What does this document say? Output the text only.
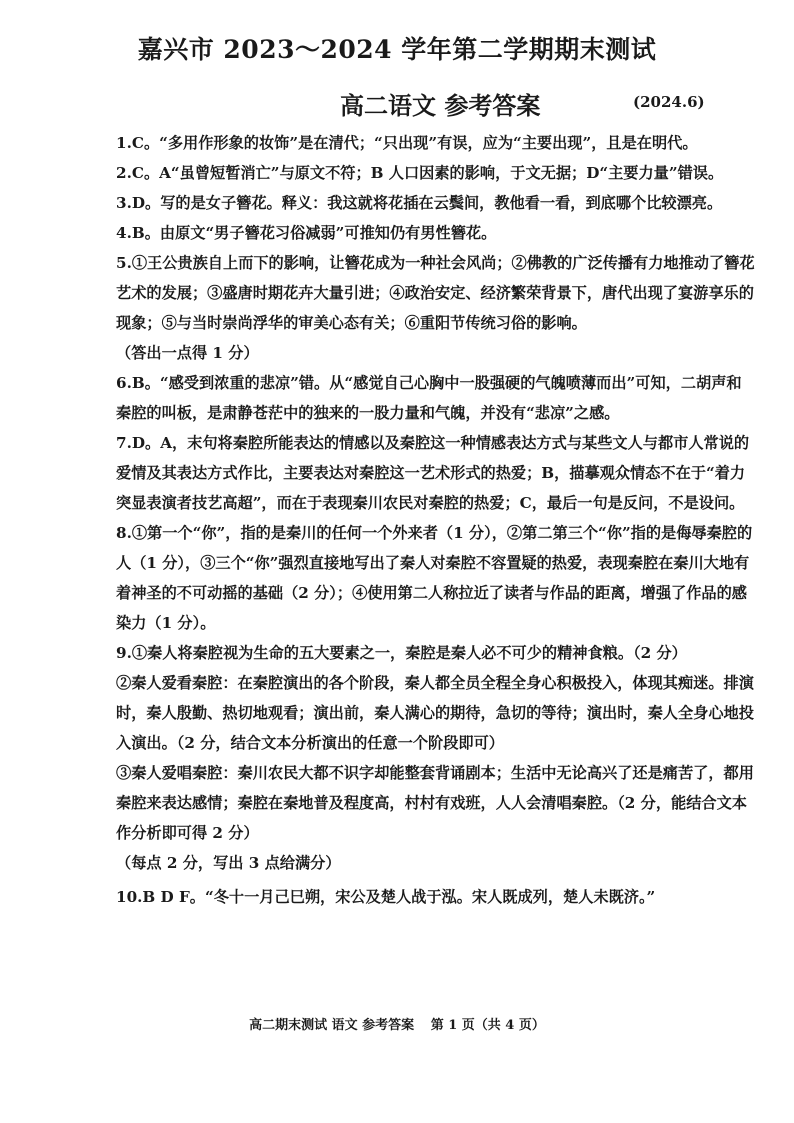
嘉兴市 2023～2024 学年第二学期期末测试
高二语文 参考答案	(2024.6)

1.C。“多用作形象的妆饰”是在清代；“只出现”有误，应为“主要出现”，且是在明代。

2.C。A“虽曾短暂消亡”与原文不符；B 人口因素的影响，于文无据；D“主要力量”错误。

3.D。写的是女子簪花。释义：我这就将花插在云鬓间，教他看一看，到底哪个比较漂亮。

4.B。由原文“男子簪花习俗减弱”可推知仍有男性簪花。

5.①王公贵族自上而下的影响，让簪花成为一种社会风尚；②佛教的广泛传播有力地推动了簪花艺术的发展；③盛唐时期花卉大量引进；④政治安定、经济繁荣背景下，唐代出现了宴游享乐的现象；⑤与当时崇尚浮华的审美心态有关；⑥重阳节传统习俗的影响。

（答出一点得 1 分）

6.B。“感受到浓重的悲凉”错。从“感觉自己心胸中一股强硬的气魄喷薄而出”可知，二胡声和秦腔的叫板，是肃静苍茫中的独来的一股力量和气魄，并没有“悲凉”之感。

7.D。A，末句将秦腔所能表达的情感以及秦腔这一种情感表达方式与某些文人与都市人常说的爱情及其表达方式作比，主要表达对秦腔这一艺术形式的热爱；B，描摹观众情态不在于“着力突显表演者技艺高超”，而在于表现秦川农民对秦腔的热爱；C，最后一句是反问，不是设问。

8.①第一个“你”，指的是秦川的任何一个外来者（1 分），②第二第三个“你”指的是侮辱秦腔的人（1 分），③三个“你”强烈直接地写出了秦人对秦腔不容置疑的热爱，表现秦腔在秦川大地有着神圣的不可动摇的基础（2 分）；④使用第二人称拉近了读者与作品的距离，增强了作品的感染力（1 分）。

9.①秦人将秦腔视为生命的五大要素之一，秦腔是秦人必不可少的精神食粮。（2 分）

②秦人爱看秦腔：在秦腔演出的各个阶段，秦人都全员全程全身心积极投入，体现其痴迷。排演时，秦人殷勤、热切地观看；演出前，秦人满心的期待，急切的等待；演出时，秦人全身心地投入演出。（2 分，结合文本分析演出的任意一个阶段即可）

③秦人爱唱秦腔：秦川农民大都不识字却能整套背诵剧本；生活中无论高兴了还是痛苦了，都用秦腔来表达感情；秦腔在秦地普及程度高，村村有戏班，人人会清唱秦腔。（2 分，能结合文本作分析即可得 2 分）

（每点 2 分，写出 3 点给满分）

10.B D F。“冬十一月己巳朔，宋公及楚人战于泓。宋人既成列，楚人未既济。”

高二期末测试 语文 参考答案 第 1 页（共 4 页）
